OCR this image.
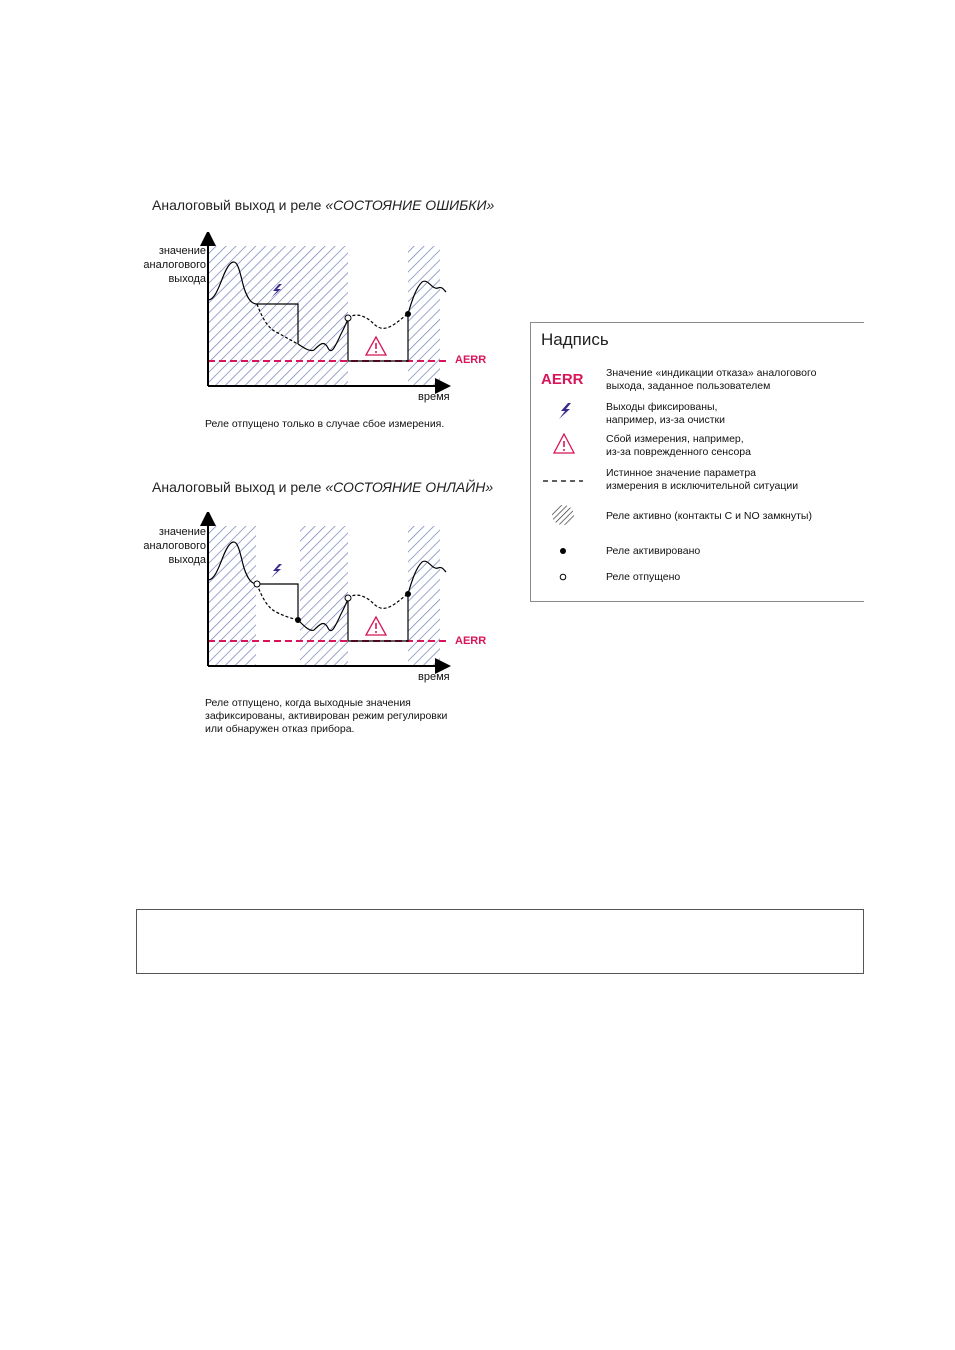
Аналоговый выход и реле «СОСТОЯНИЕ ОШИБКИ»
значение
аналогового
выхода
AERR
время
Реле отпущено только в случае сбое измерения.
Аналоговый выход и реле «СОСТОЯНИЕ ОНЛАЙН»
значение
аналогового
выхода
AERR
время
Реле отпущено, когда выходные значения
зафиксированы, активирован режим регулировки
или обнаружен отказ прибора.
Надпись
AERR Значение «индикации отказа» аналогового
выхода, заданное пользователем
Выходы фиксированы,
например, из-за очистки
Сбой измерения, например,
из-за поврежденного сенсора
Истинное значение параметра
измерения в исключительной ситуации
Реле активно (контакты C и NO замкнуты)
Реле активировано
Реле отпущено
